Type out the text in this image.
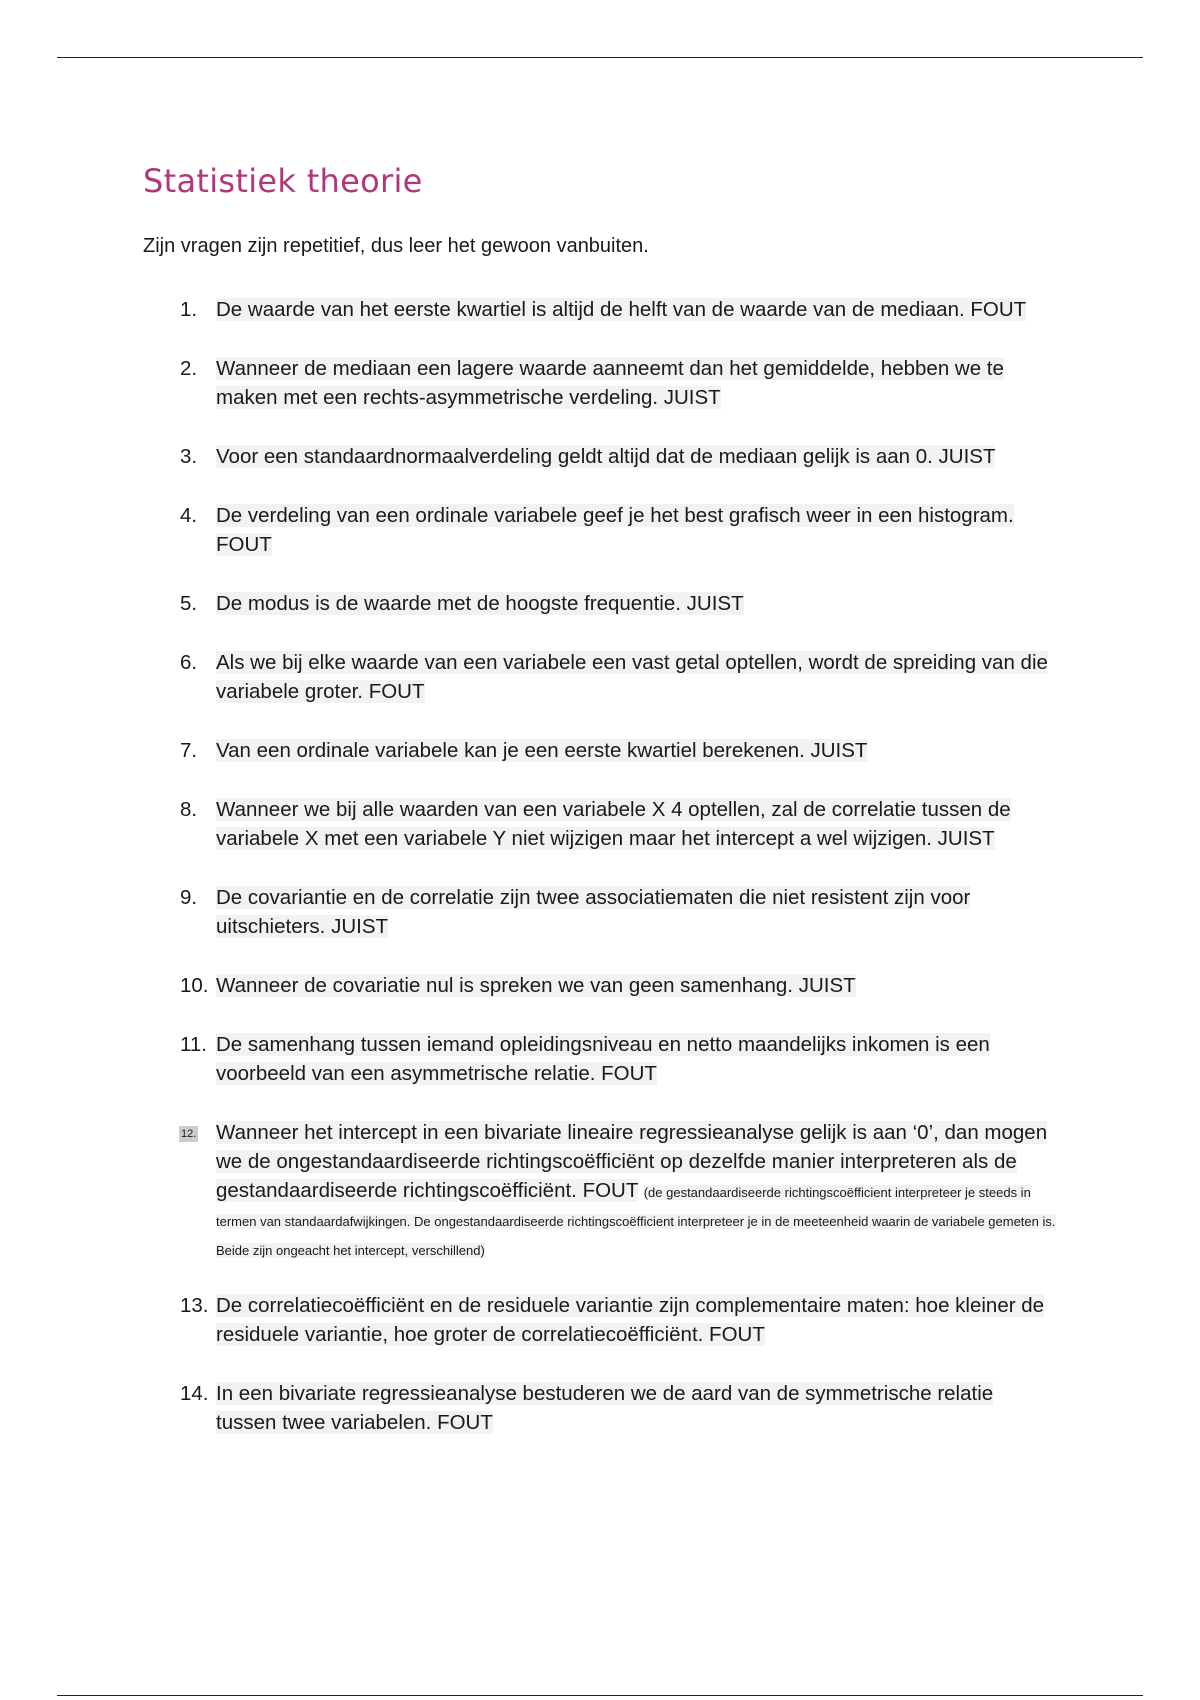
Statistiek theorie

Zijn vragen zijn repetitief, dus leer het gewoon vanbuiten.

1. De waarde van het eerste kwartiel is altijd de helft van de waarde van de mediaan. FOUT
2. Wanneer de mediaan een lagere waarde aanneemt dan het gemiddelde, hebben we te maken met een rechts-asymmetrische verdeling. JUIST
3. Voor een standaardnormaalverdeling geldt altijd dat de mediaan gelijk is aan 0. JUIST
4. De verdeling van een ordinale variabele geef je het best grafisch weer in een histogram. FOUT
5. De modus is de waarde met de hoogste frequentie. JUIST
6. Als we bij elke waarde van een variabele een vast getal optellen, wordt de spreiding van die variabele groter. FOUT
7. Van een ordinale variabele kan je een eerste kwartiel berekenen. JUIST
8. Wanneer we bij alle waarden van een variabele X 4 optellen, zal de correlatie tussen de variabele X met een variabele Y niet wijzigen maar het intercept a wel wijzigen. JUIST
9. De covariantie en de correlatie zijn twee associatiematen die niet resistent zijn voor uitschieters. JUIST
10. Wanneer de covariatie nul is spreken we van geen samenhang. JUIST
11. De samenhang tussen iemand opleidingsniveau en netto maandelijks inkomen is een voorbeeld van een asymmetrische relatie. FOUT
12. Wanneer het intercept in een bivariate lineaire regressieanalyse gelijk is aan ‘0’, dan mogen we de ongestandaardiseerde richtingscoëfficiënt op dezelfde manier interpreteren als de gestandaardiseerde richtingscoëfficiënt. FOUT (de gestandaardiseerde richtingscoëfficient interpreteer je steeds in termen van standaardafwijkingen. De ongestandaardiseerde richtingscoëfficient interpreteer je in de meeteenheid waarin de variabele gemeten is. Beide zijn ongeacht het intercept, verschillend)
13. De correlatiecoëfficiënt en de residuele variantie zijn complementaire maten: hoe kleiner de residuele variantie, hoe groter de correlatiecoëfficiënt. FOUT
14. In een bivariate regressieanalyse bestuderen we de aard van de symmetrische relatie tussen twee variabelen. FOUT
